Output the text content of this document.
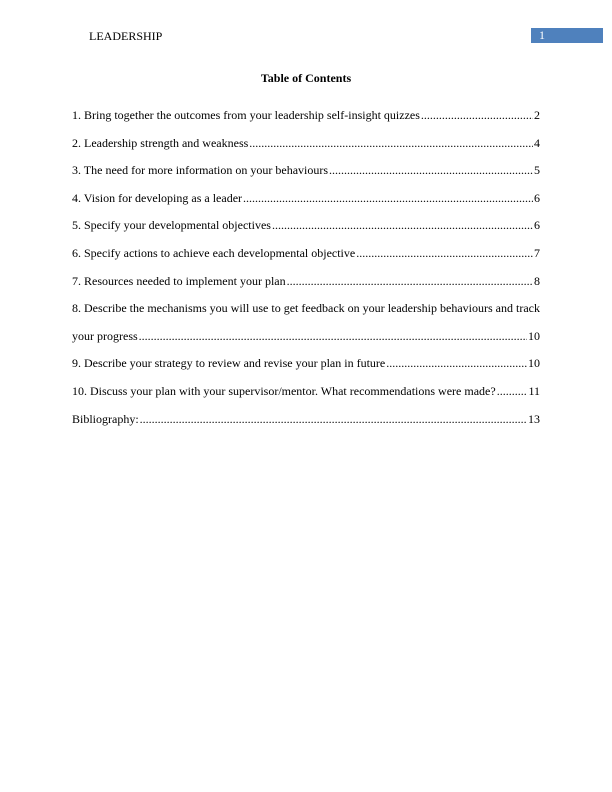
LEADERSHIP	1
Table of Contents
1. Bring together the outcomes from your leadership self-insight quizzes .....	2
2. Leadership strength and weakness .....	4
3. The need for more information on your behaviours .....	5
4. Vision for developing as a leader .....	6
5. Specify your developmental objectives .....	6
6. Specify actions to achieve each developmental objective .....	7
7. Resources needed to implement your plan .....	8
8. Describe the mechanisms you will use to get feedback on your leadership behaviours and track
your progress .....	10
9. Describe your strategy to review and revise your plan in future .....	10
10. Discuss your plan with your supervisor/mentor. What recommendations were made? .....	11
Bibliography: .....	13
